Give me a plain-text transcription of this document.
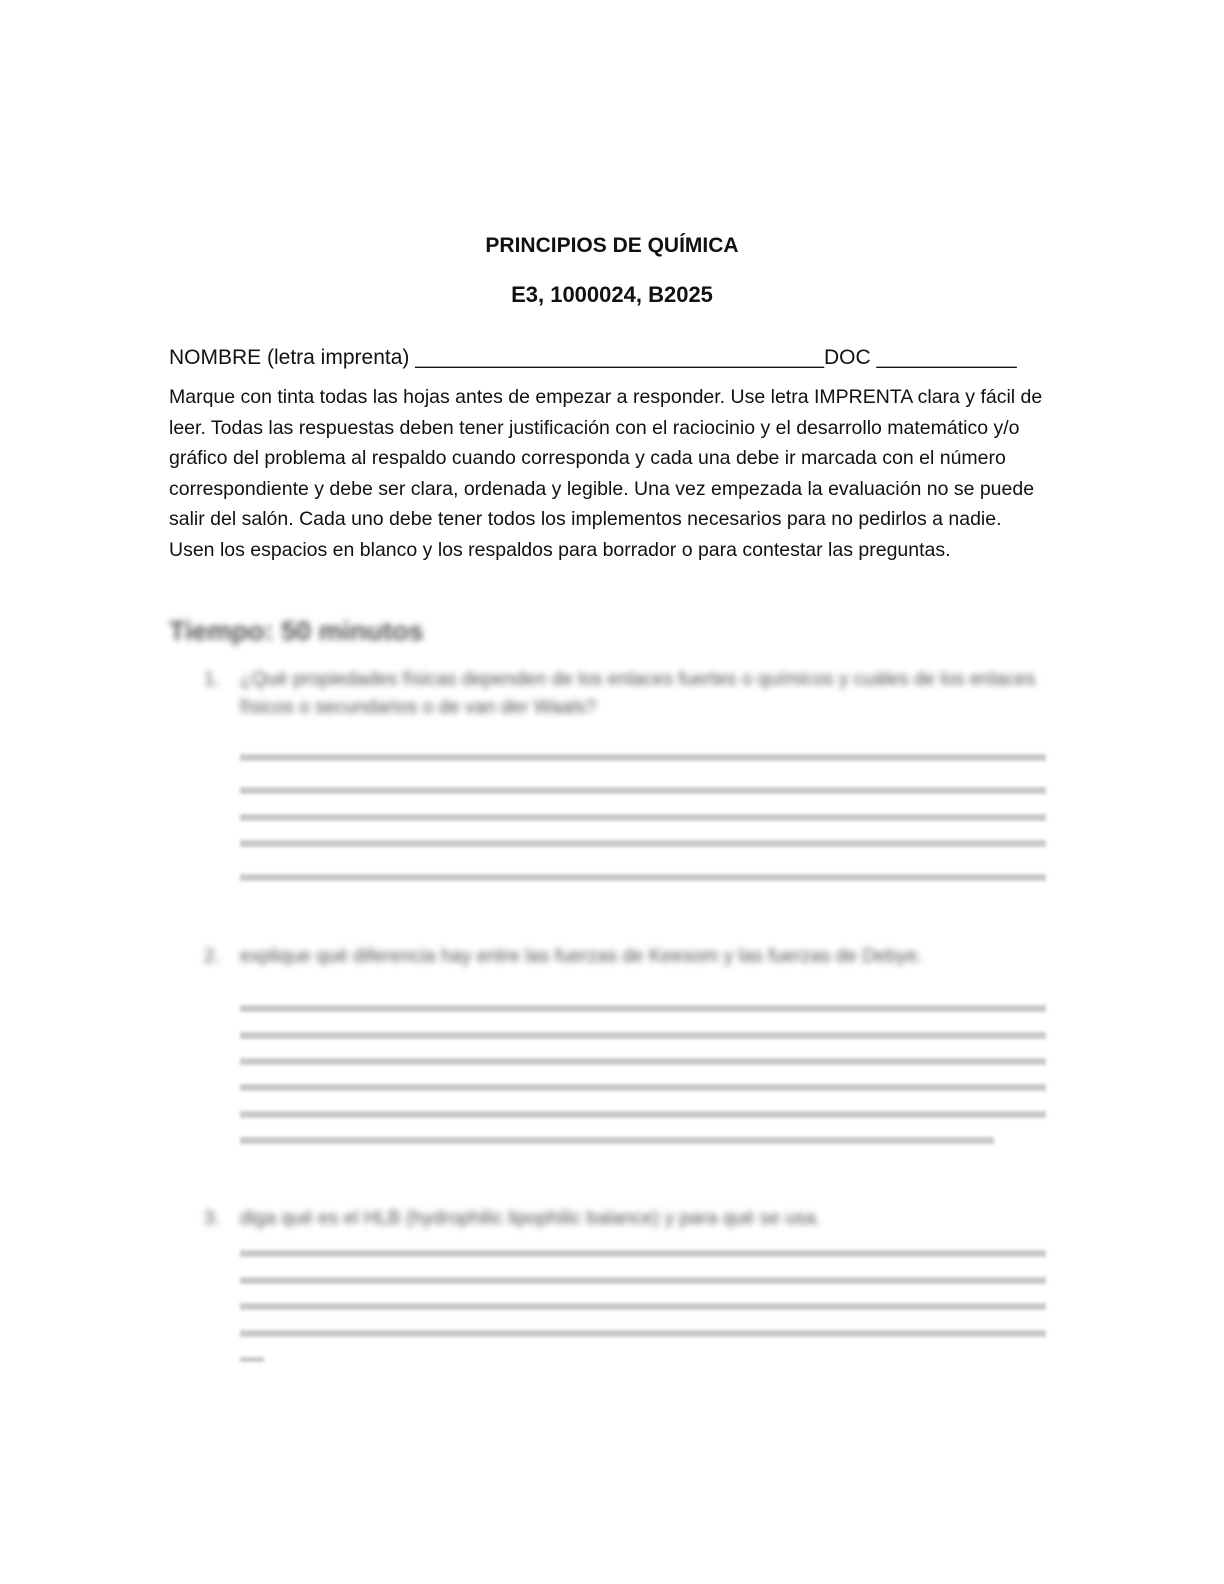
PRINCIPIOS DE QUÍMICA
E3, 1000024, B2025
NOMBRE (letra imprenta) ___________________________________DOC ____________

Marque con tinta todas las hojas antes de empezar a responder. Use letra IMPRENTA clara y fácil de leer. Todas las respuestas deben tener justificación con el raciocinio y el desarrollo matemático y/o gráfico del problema al respaldo cuando corresponda y cada una debe ir marcada con el número correspondiente y debe ser clara, ordenada y legible. Una vez empezada la evaluación no se puede salir del salón. Cada uno debe tener todos los implementos necesarios para no pedirlos a nadie. Usen los espacios en blanco y los respaldos para borrador o para contestar las preguntas.

Tiempo: 50 minutos
1.	¿Qué propiedades físicas dependen de los enlaces fuertes o químicos y cuáles de los enlaces físicos o secundarios o de van der Waals?
2.	explique qué diferencia hay entre las fuerzas de Keesom y las fuerzas de Debye.
3.	diga qué es el HLB (hydrophilic lipophilic balance) y para qué se usa.
